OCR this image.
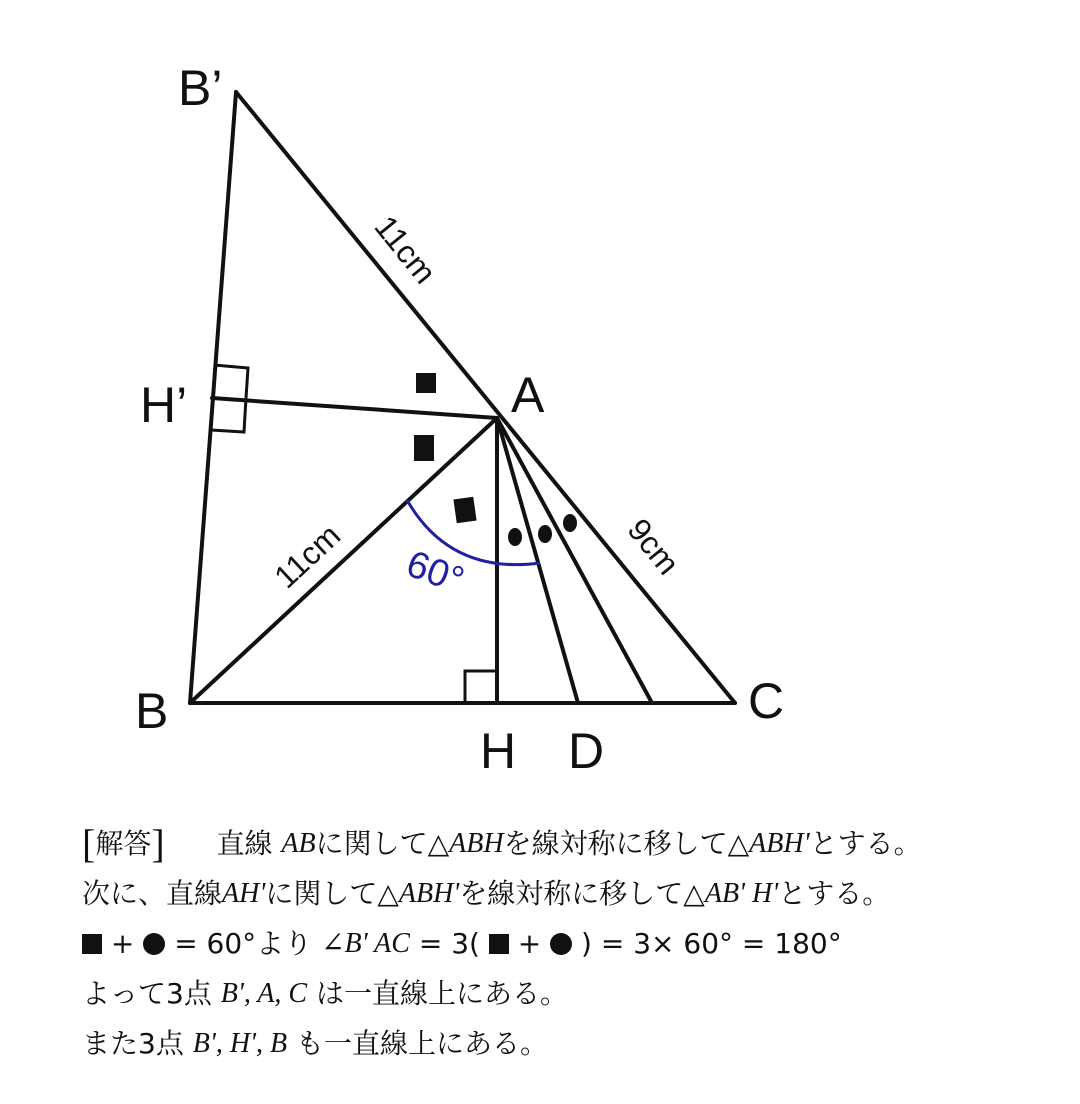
B’
A
H’
B
H D
C
11cm
11cm	9cm
60°
[解答] 直線 ABに関して△ABHを線対称に移して△ABH'とする。
次に、直線AH'に関して△ABH'を線対称に移して△AB' H'とする。
+ = 60°より ∠B' AC = 3( + ) = 3× 60° = 180°
よって3点 B', A, C は一直線上にある。
また3点 B', H', B も一直線上にある。
